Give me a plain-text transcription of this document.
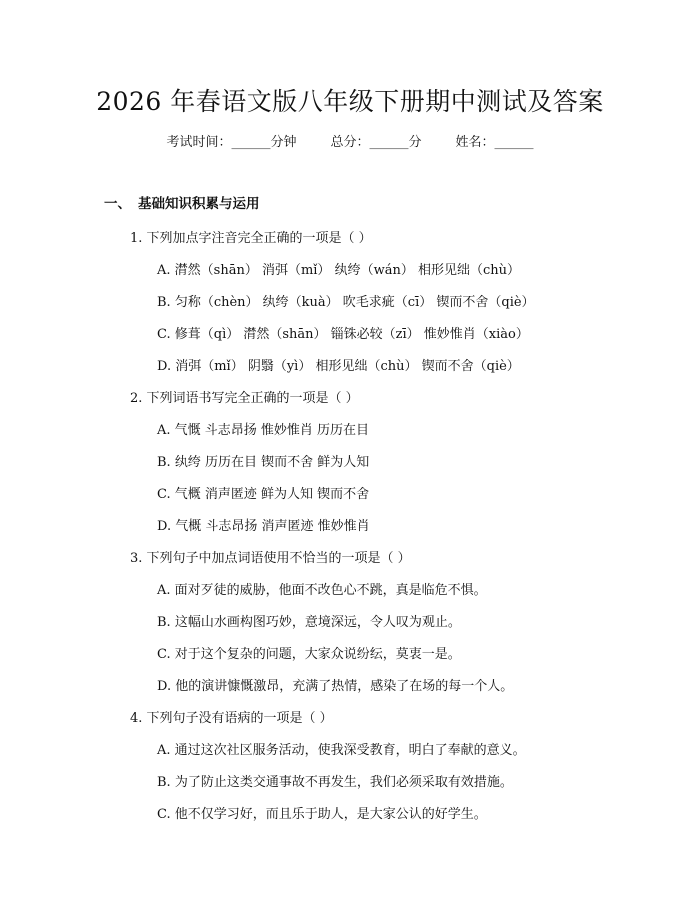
2026 年春语文版八年级下册期中测试及答案
考试时间：______分钟	总分：______分	姓名：______
一、 基础知识积累与运用
1. 下列加点字注音完全正确的一项是（ ）
A. 潸然（shān） 消弭（mǐ） 纨绔（wán） 相形见绌（chù）
B. 匀称（chèn） 纨绔（kuà） 吹毛求疵（cī） 锲而不舍（qiè）
C. 修葺（qì） 潸然（shān） 锱铢必较（zī） 惟妙惟肖（xiào）
D. 消弭（mǐ） 阴翳（yì） 相形见绌（chù） 锲而不舍（qiè）
2. 下列词语书写完全正确的一项是（ ）
A. 气慨 斗志昂扬 惟妙惟肖 历历在目
B. 纨绔 历历在目 锲而不舍 鲜为人知
C. 气概 消声匿迹 鲜为人知 锲而不舍
D. 气概 斗志昂扬 消声匿迹 惟妙惟肖
3. 下列句子中加点词语使用不恰当的一项是（ ）
A. 面对歹徒的威胁，他面不改色心不跳，真是临危不惧。
B. 这幅山水画构图巧妙，意境深远，令人叹为观止。
C. 对于这个复杂的问题，大家众说纷纭，莫衷一是。
D. 他的演讲慷慨激昂，充满了热情，感染了在场的每一个人。
4. 下列句子没有语病的一项是（ ）
A. 通过这次社区服务活动，使我深受教育，明白了奉献的意义。
B. 为了防止这类交通事故不再发生，我们必须采取有效措施。
C. 他不仅学习好，而且乐于助人，是大家公认的好学生。
